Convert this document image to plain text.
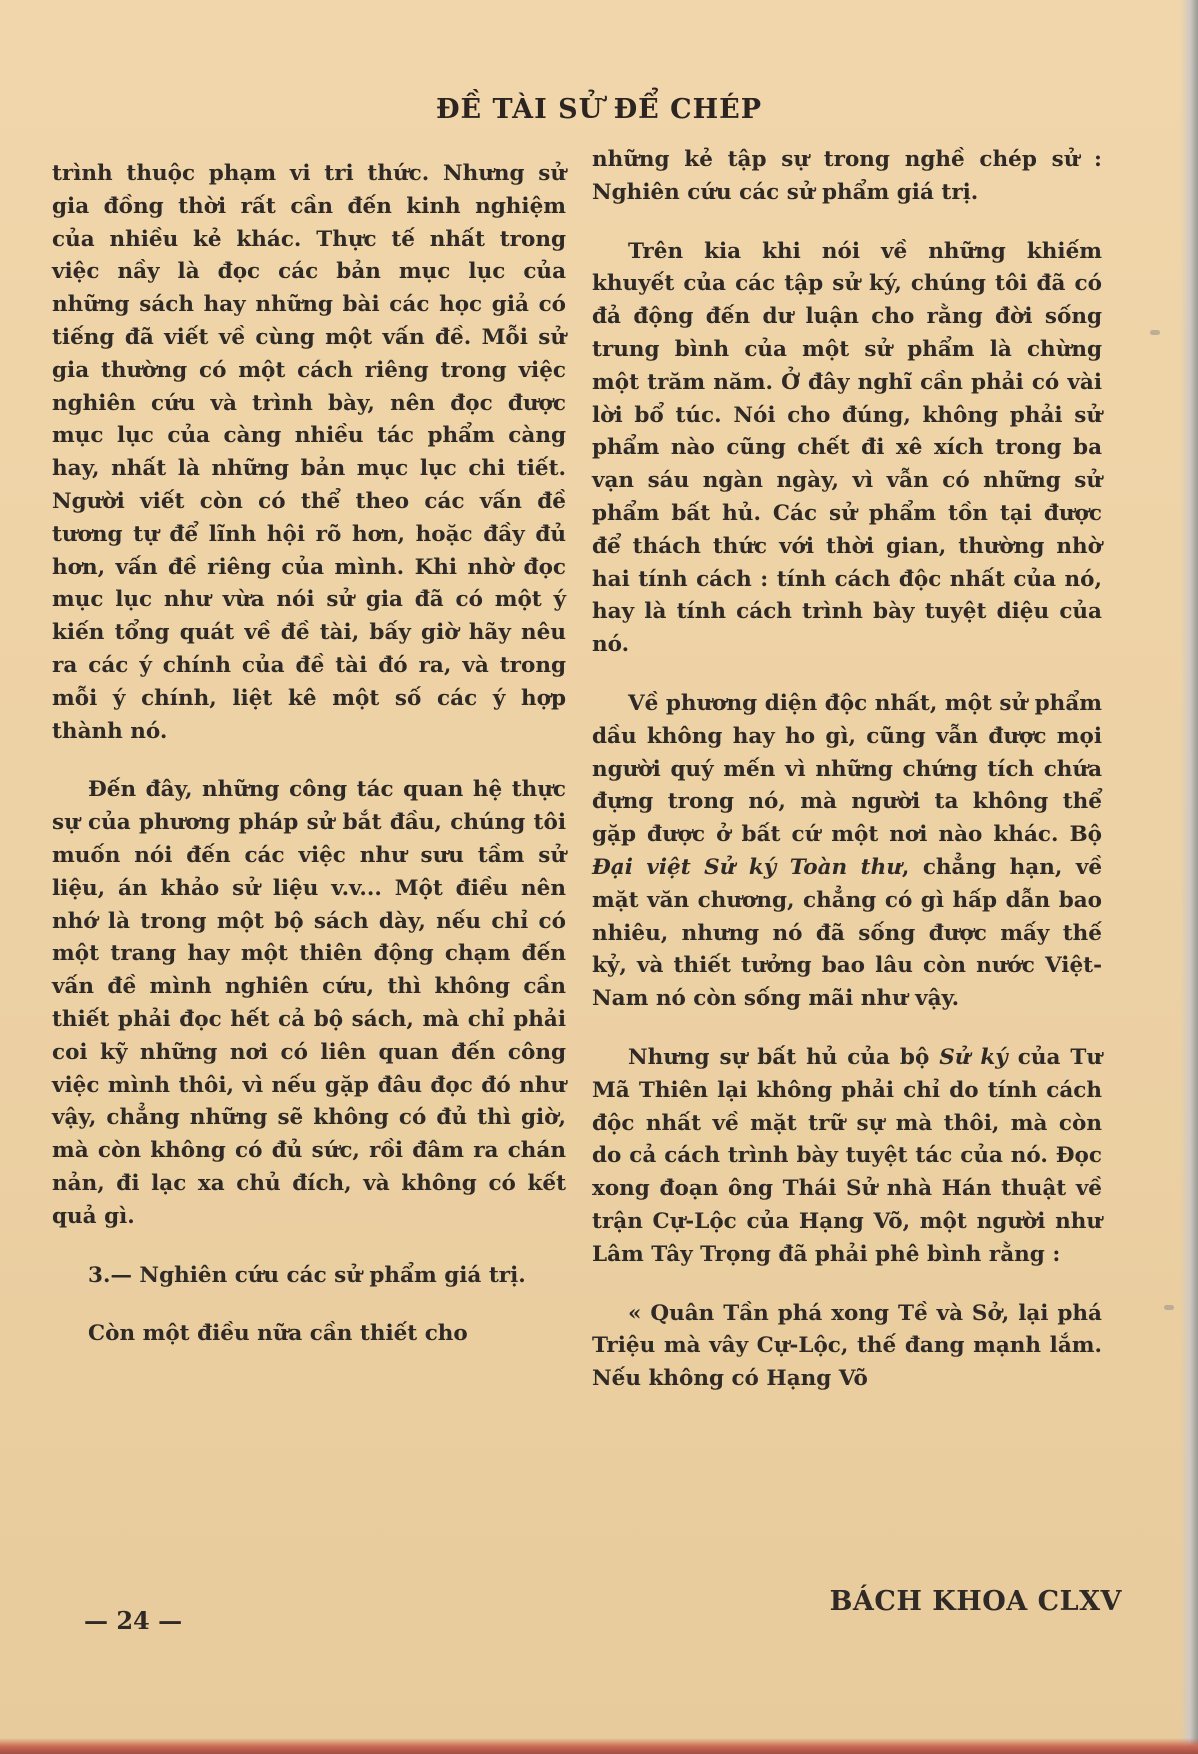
ĐỀ TÀI SỬ ĐỂ CHÉP

trình thuộc phạm vi tri thức. Nhưng sử gia đồng thời rất cần đến kinh nghiệm của nhiều kẻ khác. Thực tế nhất trong việc nầy là đọc các bản mục lục của những sách hay những bài các học giả có tiếng đã viết về cùng một vấn đề. Mỗi sử gia thường có một cách riêng trong việc nghiên cứu và trình bày, nên đọc được mục lục của càng nhiều tác phẩm càng hay, nhất là những bản mục lục chi tiết. Người viết còn có thể theo các vấn đề tương tự để lĩnh hội rõ hơn, hoặc đầy đủ hơn, vấn đề riêng của mình. Khi nhờ đọc mục lục như vừa nói sử gia đã có một ý kiến tổng quát về đề tài, bấy giờ hãy nêu ra các ý chính của đề tài đó ra, và trong mỗi ý chính, liệt kê một số các ý hợp thành nó.

Đến đây, những công tác quan hệ thực sự của phương pháp sử bắt đầu, chúng tôi muốn nói đến các việc như sưu tầm sử liệu, án khảo sử liệu v.v... Một điều nên nhớ là trong một bộ sách dày, nếu chỉ có một trang hay một thiên động chạm đến vấn đề mình nghiên cứu, thì không cần thiết phải đọc hết cả bộ sách, mà chỉ phải coi kỹ những nơi có liên quan đến công việc mình thôi, vì nếu gặp đâu đọc đó như vậy, chẳng những sẽ không có đủ thì giờ, mà còn không có đủ sức, rồi đâm ra chán nản, đi lạc xa chủ đích, và không có kết quả gì.

3.— Nghiên cứu các sử phẩm giá trị.

Còn một điều nữa cần thiết cho

những kẻ tập sự trong nghề chép sử : Nghiên cứu các sử phẩm giá trị.

Trên kia khi nói về những khiếm khuyết của các tập sử ký, chúng tôi đã có đả động đến dư luận cho rằng đời sống trung bình của một sử phẩm là chừng một trăm năm. Ở đây nghĩ cần phải có vài lời bổ túc. Nói cho đúng, không phải sử phẩm nào cũng chết đi xê xích trong ba vạn sáu ngàn ngày, vì vẫn có những sử phẩm bất hủ. Các sử phẩm tồn tại được để thách thức với thời gian, thường nhờ hai tính cách : tính cách độc nhất của nó, hay là tính cách trình bày tuyệt diệu của nó.

Về phương diện độc nhất, một sử phẩm dầu không hay ho gì, cũng vẫn được mọi người quý mến vì những chứng tích chứa đựng trong nó, mà người ta không thể gặp được ở bất cứ một nơi nào khác. Bộ Đại việt Sử ký Toàn thư, chẳng hạn, về mặt văn chương, chẳng có gì hấp dẫn bao nhiêu, nhưng nó đã sống được mấy thế kỷ, và thiết tưởng bao lâu còn nước Việt-Nam nó còn sống mãi như vậy.

Nhưng sự bất hủ của bộ Sử ký của Tư Mã Thiên lại không phải chỉ do tính cách độc nhất về mặt trữ sự mà thôi, mà còn do cả cách trình bày tuyệt tác của nó. Đọc xong đoạn ông Thái Sử nhà Hán thuật về trận Cự-Lộc của Hạng Võ, một người như Lâm Tây Trọng đã phải phê bình rằng :

« Quân Tần phá xong Tề và Sở, lại phá Triệu mà vây Cự-Lộc, thế đang mạnh lắm. Nếu không có Hạng Võ

— 24 —
BÁCH KHOA CLXV
